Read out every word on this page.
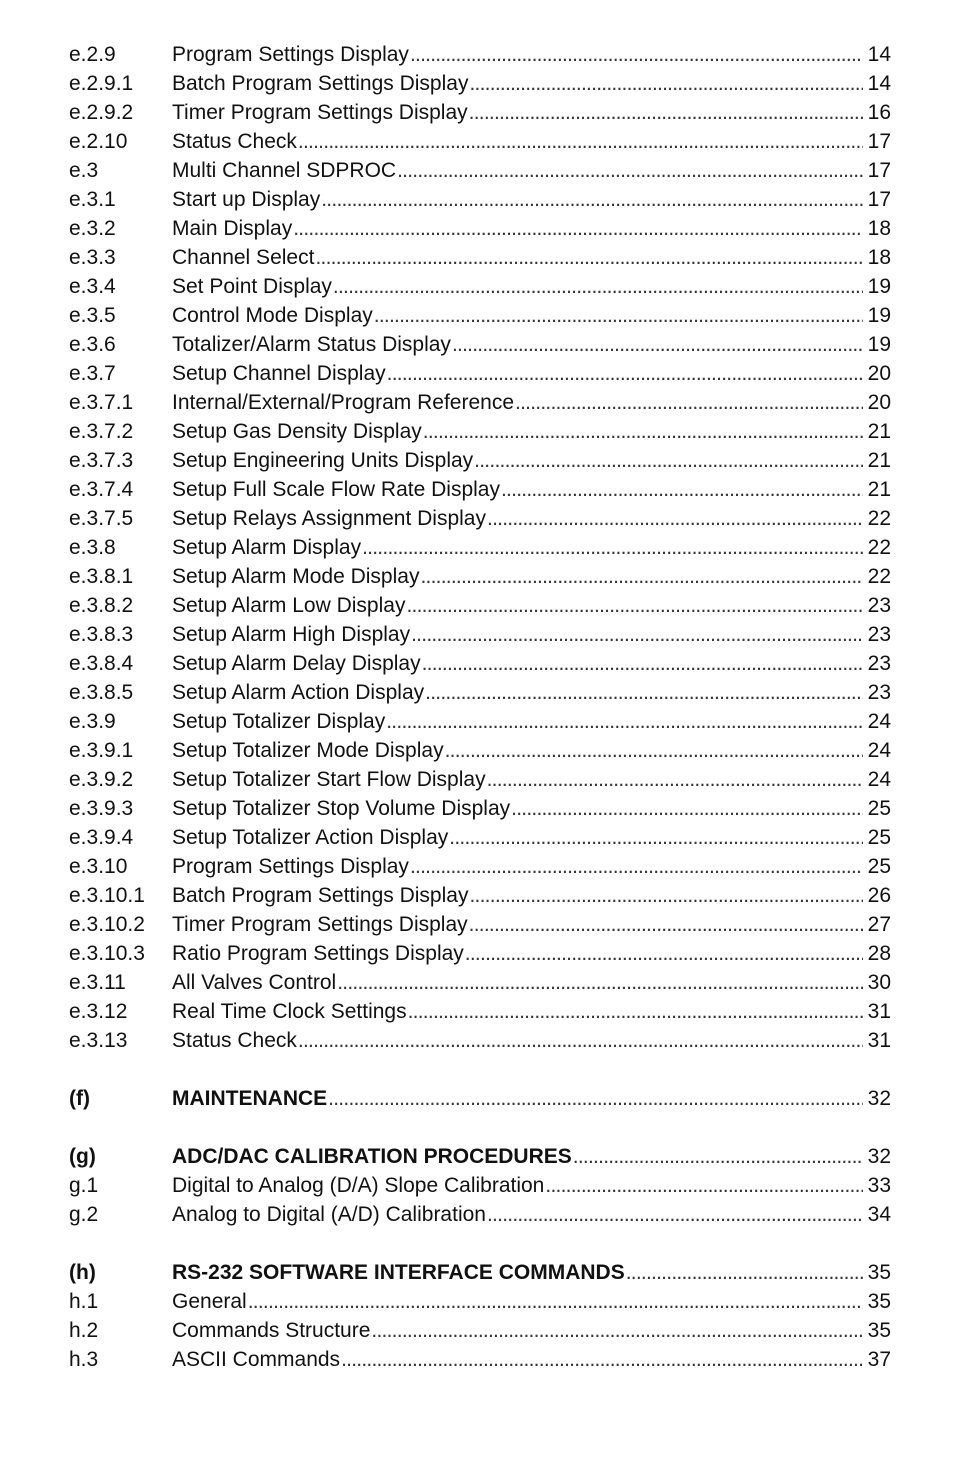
e.2.9	Program Settings Display . . .	14
e.2.9.1	Batch Program Settings Display . . .	14
e.2.9.2	Timer Program Settings Display . . .	16
e.2.10	Status Check . . .	17
e.3	Multi Channel SDPROC . . .	17
e.3.1	Start up Display . . .	17
e.3.2	Main Display . . .	18
e.3.3	Channel Select . . .	18
e.3.4	Set Point Display . . .	19
e.3.5	Control Mode Display . . .	19
e.3.6	Totalizer/Alarm Status Display . . .	19
e.3.7	Setup Channel Display . . .	20
e.3.7.1	Internal/External/Program Reference . . .	20
e.3.7.2	Setup Gas Density Display . . .	21
e.3.7.3	Setup Engineering Units Display . . .	21
e.3.7.4	Setup Full Scale Flow Rate Display . . .	21
e.3.7.5	Setup Relays Assignment Display . . .	22
e.3.8	Setup Alarm Display . . .	22
e.3.8.1	Setup Alarm Mode Display . . .	22
e.3.8.2	Setup Alarm Low Display . . .	23
e.3.8.3	Setup Alarm High Display . . .	23
e.3.8.4	Setup Alarm Delay Display . . .	23
e.3.8.5	Setup Alarm Action Display . . .	23
e.3.9	Setup Totalizer Display . . .	24
e.3.9.1	Setup Totalizer Mode Display . . .	24
e.3.9.2	Setup Totalizer Start Flow Display . . .	24
e.3.9.3	Setup Totalizer Stop Volume Display . . .	25
e.3.9.4	Setup Totalizer Action Display . . .	25
e.3.10	Program Settings Display . . .	25
e.3.10.1	Batch Program Settings Display . . .	26
e.3.10.2	Timer Program Settings Display . . .	27
e.3.10.3	Ratio Program Settings Display . . .	28
e.3.11	All Valves Control . . .	30
e.3.12	Real Time Clock Settings . . .	31
e.3.13	Status Check . . .	31
(f)	MAINTENANCE . . .	32
(g)	ADC/DAC CALIBRATION PROCEDURES . . .	32
g.1	Digital to Analog (D/A) Slope Calibration . . .	33
g.2	Analog to Digital (A/D) Calibration . . .	34
(h)	RS-232 SOFTWARE INTERFACE COMMANDS . . .	35
h.1	General . . .	35
h.2	Commands Structure . . .	35
h.3	ASCII Commands . . .	37
